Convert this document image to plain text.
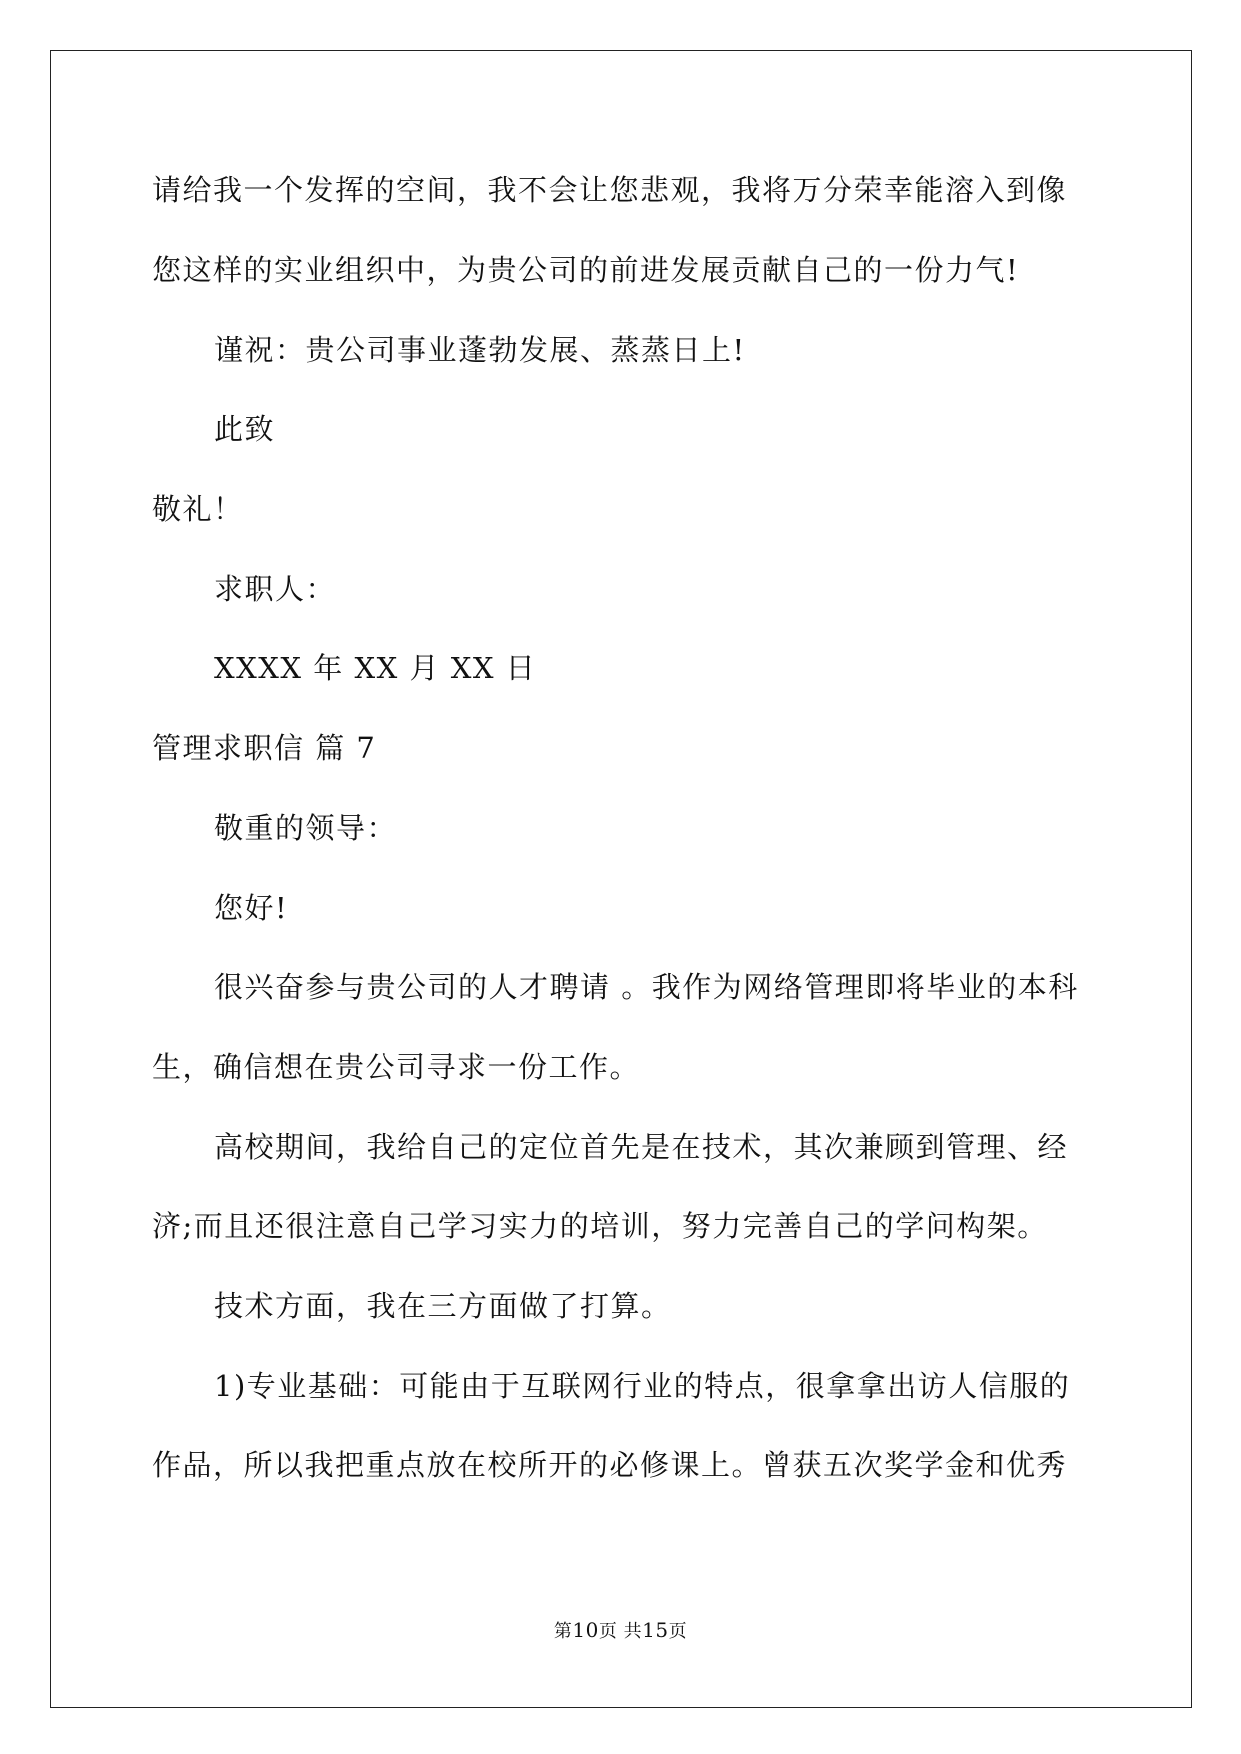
请给我一个发挥的空间，我不会让您悲观，我将万分荣幸能溶入到像
您这样的实业组织中，为贵公司的前进发展贡献自己的一份力气!
谨祝：贵公司事业蓬勃发展、蒸蒸日上!
此致
敬礼！
求职人：
XXXX 年 XX 月 XX 日
管理求职信 篇 7
敬重的领导：
您好!
很兴奋参与贵公司的人才聘请 。我作为网络管理即将毕业的本科
生，确信想在贵公司寻求一份工作。
高校期间，我给自己的定位首先是在技术，其次兼顾到管理、经
济;而且还很注意自己学习实力的培训，努力完善自己的学问构架。
技术方面，我在三方面做了打算。
1)专业基础：可能由于互联网行业的特点，很拿拿出访人信服的
作品，所以我把重点放在校所开的必修课上。曾获五次奖学金和优秀
第10页 共15页
